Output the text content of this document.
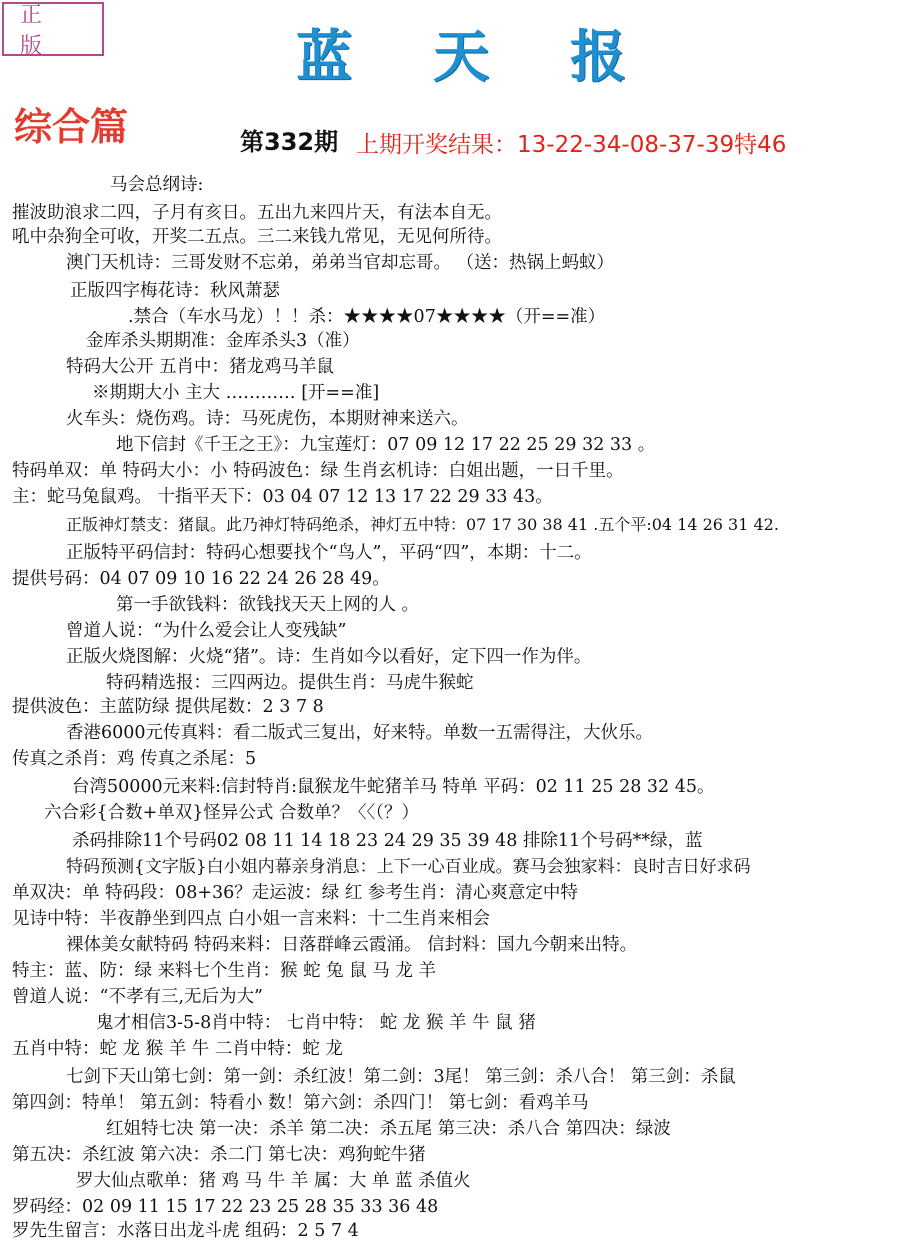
正 版	蓝 天 报
综合篇	第332期 上期开奖结果：13-22-34-08-37-39特46
马会总纲诗:
摧波助浪求二四，子月有亥日。五出九来四片天，有法本自无。
吼中杂狗全可收，开奖二五点。三二来钱九常见，无见何所待。
澳门天机诗：三哥发财不忘弟，弟弟当官却忘哥。 （送：热锅上蚂蚁）
正版四字梅花诗：秋风萧瑟
.禁合（车水马龙）！！杀：★★★★07★★★★（开==准）
金库杀头期期准：金库杀头3（准）
特码大公开 五肖中：猪龙鸡马羊鼠
※期期大小 主大 ………… [开==准]
火车头：烧伤鸡。诗：马死虎伤，本期财神来送六。
地下信封《千王之王》：九宝莲灯：07 09 12 17 22 25 29 32 33 。
特码单双：单 特码大小：小 特码波色：绿 生肖玄机诗：白姐出题，一日千里。
主：蛇马兔鼠鸡。 十指平天下：03 04 07 12 13 17 22 29 33 43。
正版神灯禁支：猪鼠。此乃神灯特码绝杀，神灯五中特：07 17 30 38 41 .五个平:04 14 26 31 42.
正版特平码信封：特码心想要找个“鸟人”，平码“四”，本期：十二。
提供号码：04 07 09 10 16 22 24 26 28 49。
第一手欲钱料：欲钱找天天上网的人 。
曾道人说：“为什么爱会让人变残缺”
正版火烧图解：火烧“猪”。诗：生肖如今以看好，定下四一作为伴。
特码精选报：三四两边。提供生肖：马虎牛猴蛇
提供波色：主蓝防绿 提供尾数：2 3 7 8
香港6000元传真料：看二版式三复出，好来特。单数一五需得注，大伙乐。
传真之杀肖：鸡 传真之杀尾：5
台湾50000元来料:信封特肖:鼠猴龙牛蛇猪羊马 特单 平码：02 11 25 28 32 45。
六合彩{合数+单双}怪异公式 合数单？〈〈（？）
杀码排除11个号码02 08 11 14 18 23 24 29 35 39 48 排除11个号码**绿，蓝
特码预测{文字版}白小姐内幕亲身消息：上下一心百业成。赛马会独家料：良时吉日好求码
单双决：单 特码段：08+36？走运波：绿 红 参考生肖：清心爽意定中特
见诗中特：半夜静坐到四点 白小姐一言来料：十二生肖来相会
裸体美女献特码 特码来料：日落群峰云霞涌。 信封料：国九今朝来出特。
特主：蓝、防：绿 来料七个生肖：猴 蛇 兔 鼠 马 龙 羊
曾道人说：“不孝有三,无后为大”
鬼才相信3-5-8肖中特： 七肖中特： 蛇 龙 猴 羊 牛 鼠 猪
五肖中特：蛇 龙 猴 羊 牛 二肖中特：蛇 龙
七剑下天山第七剑：第一剑：杀红波！第二剑：3尾！ 第三剑：杀八合！ 第三剑：杀鼠
第四剑：特单！ 第五剑：特看小 数！第六剑：杀四门！ 第七剑：看鸡羊马
红姐特七决 第一决：杀羊 第二决：杀五尾 第三决：杀八合 第四决：绿波
第五决：杀红波 第六决：杀二门 第七决：鸡狗蛇牛猪
罗大仙点歌单：猪 鸡 马 牛 羊 属：大 单 蓝 杀值火
罗码经：02 09 11 15 17 22 23 25 28 35 33 36 48
罗先生留言：水落日出龙斗虎 组码：2 5 7 4
